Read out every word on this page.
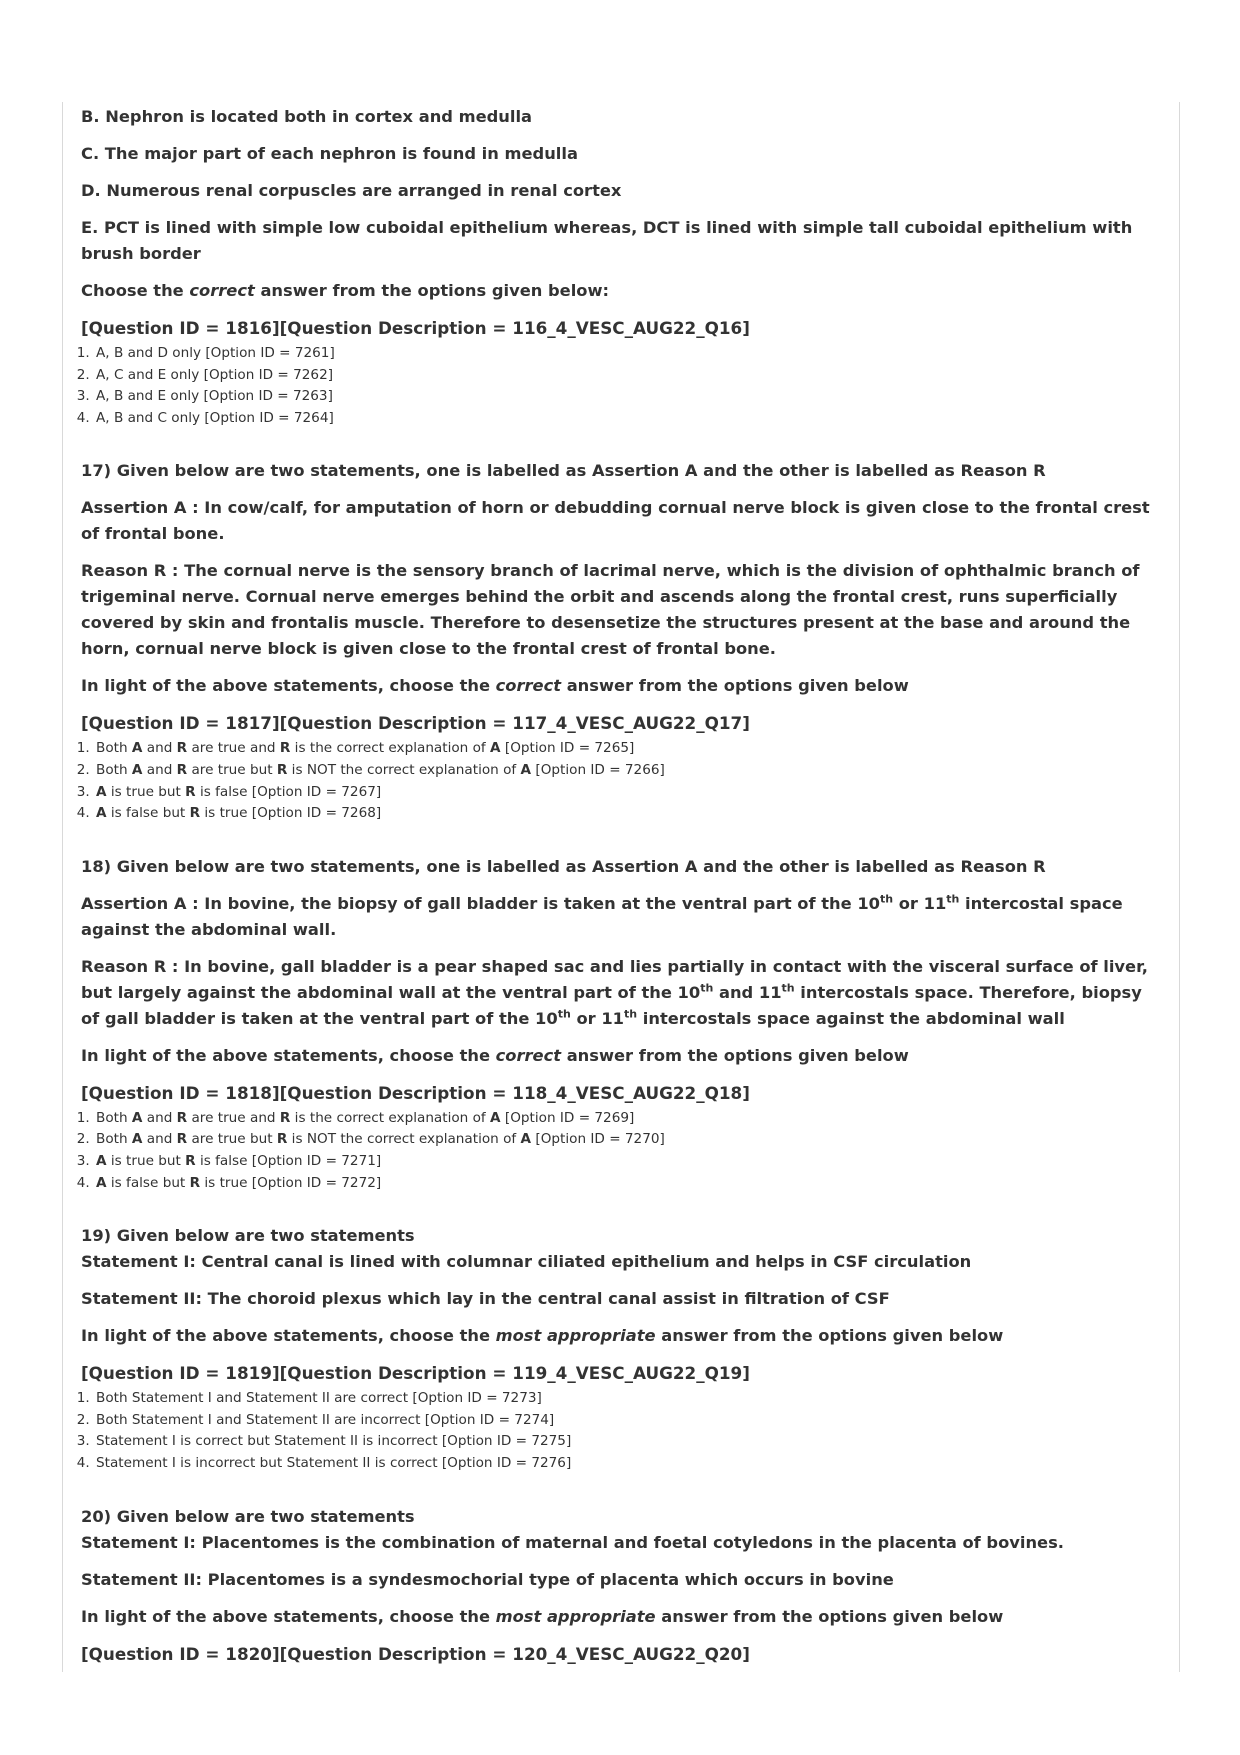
B. Nephron is located both in cortex and medulla

C. The major part of each nephron is found in medulla

D. Numerous renal corpuscles are arranged in renal cortex

E. PCT is lined with simple low cuboidal epithelium whereas, DCT is lined with simple tall cuboidal epithelium with brush border

Choose the correct answer from the options given below:

[Question ID = 1816][Question Description = 116_4_VESC_AUG22_Q16]

1. A, B and D only [Option ID = 7261]
2. A, C and E only [Option ID = 7262]
3. A, B and E only [Option ID = 7263]
4. A, B and C only [Option ID = 7264]

17) Given below are two statements, one is labelled as Assertion A and the other is labelled as Reason R

Assertion A : In cow/calf, for amputation of horn or debudding cornual nerve block is given close to the frontal crest of frontal bone.

Reason R : The cornual nerve is the sensory branch of lacrimal nerve, which is the division of ophthalmic branch of trigeminal nerve. Cornual nerve emerges behind the orbit and ascends along the frontal crest, runs superficially covered by skin and frontalis muscle. Therefore to desensetize the structures present at the base and around the horn, cornual nerve block is given close to the frontal crest of frontal bone.

In light of the above statements, choose the correct answer from the options given below

[Question ID = 1817][Question Description = 117_4_VESC_AUG22_Q17]

1. Both A and R are true and R is the correct explanation of A [Option ID = 7265]
2. Both A and R are true but R is NOT the correct explanation of A [Option ID = 7266]
3. A is true but R is false [Option ID = 7267]
4. A is false but R is true [Option ID = 7268]

18) Given below are two statements, one is labelled as Assertion A and the other is labelled as Reason R

Assertion A : In bovine, the biopsy of gall bladder is taken at the ventral part of the 10th or 11th intercostal space against the abdominal wall.

Reason R : In bovine, gall bladder is a pear shaped sac and lies partially in contact with the visceral surface of liver, but largely against the abdominal wall at the ventral part of the 10th and 11th intercostals space. Therefore, biopsy of gall bladder is taken at the ventral part of the 10th or 11th intercostals space against the abdominal wall

In light of the above statements, choose the correct answer from the options given below

[Question ID = 1818][Question Description = 118_4_VESC_AUG22_Q18]

1. Both A and R are true and R is the correct explanation of A [Option ID = 7269]
2. Both A and R are true but R is NOT the correct explanation of A [Option ID = 7270]
3. A is true but R is false [Option ID = 7271]
4. A is false but R is true [Option ID = 7272]

19) Given below are two statements

Statement I: Central canal is lined with columnar ciliated epithelium and helps in CSF circulation

Statement II: The choroid plexus which lay in the central canal assist in filtration of CSF

In light of the above statements, choose the most appropriate answer from the options given below

[Question ID = 1819][Question Description = 119_4_VESC_AUG22_Q19]

1. Both Statement I and Statement II are correct [Option ID = 7273]
2. Both Statement I and Statement II are incorrect [Option ID = 7274]
3. Statement I is correct but Statement II is incorrect [Option ID = 7275]
4. Statement I is incorrect but Statement II is correct [Option ID = 7276]

20) Given below are two statements

Statement I: Placentomes is the combination of maternal and foetal cotyledons in the placenta of bovines.

Statement II: Placentomes is a syndesmochorial type of placenta which occurs in bovine

In light of the above statements, choose the most appropriate answer from the options given below

[Question ID = 1820][Question Description = 120_4_VESC_AUG22_Q20]
